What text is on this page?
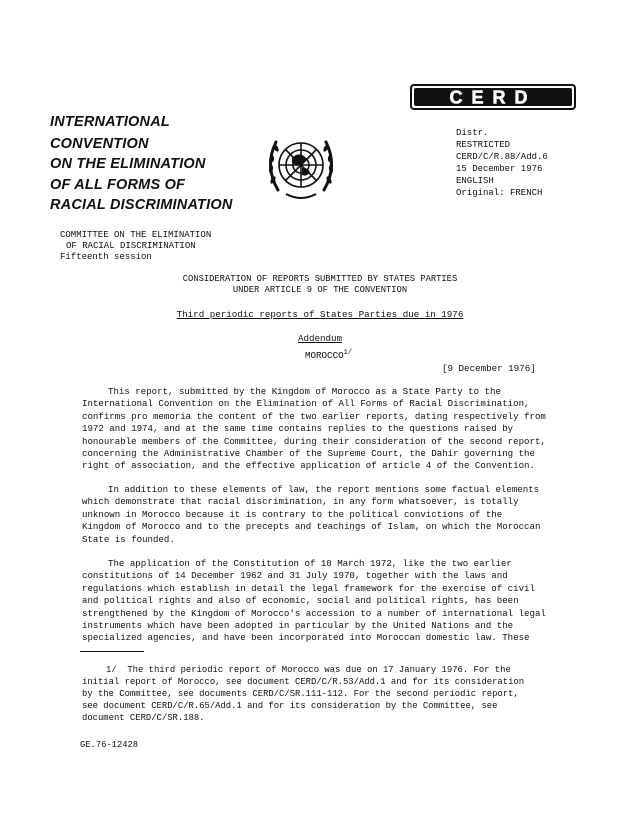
INTERNATIONAL
CONVENTION
ON THE ELIMINATION
OF ALL FORMS OF
RACIAL DISCRIMINATION
CERD
Distr.
RESTRICTED
CERD/C/R.88/Add.6
15 December 1976
ENGLISH
Original: FRENCH
COMMITTEE ON THE ELIMINATION
OF RACIAL DISCRIMINATION
Fifteenth session
CONSIDERATION OF REPORTS SUBMITTED BY STATES PARTIES
UNDER ARTICLE 9 OF THE CONVENTION
Third periodic reports of States Parties due in 1976
Addendum
$MOROCCO^{1/}$
[9 December 1976]
This report, submitted by the Kingdom of Morocco as a State Party to the
International Convention on the Elimination of All Forms of Racial Discrimination,
confirms pro memoria the content of the two earlier reports, dating respectively from
1972 and 1974, and at the same time contains replies to the questions raised by
honourable members of the Committee, during their consideration of the second report,
concerning the Administrative Chamber of the Supreme Court, the Dahir governing the
right of association, and the effective application of article 4 of the Convention.
In addition to these elements of law, the report mentions some factual elements
which demonstrate that racial discrimination, in any form whatsoever, is totally
unknown in Morocco because it is contrary to the political convictions of the
Kingdom of Morocco and to the precepts and teachings of Islam, on which the Moroccan
State is founded.
The application of the Constitution of 10 March 1972, like the two earlier
constitutions of 14 December 1962 and 31 July 1970, together with the laws and
regulations which establish in detail the legal framework for the exercise of civil
and political rights and also of economic, social and political rights, has been
strengthened by the Kingdom of Morocco's accession to a number of international legal
instruments which have been adopted in particular by the United Nations and the
specialized agencies, and have been incorporated into Moroccan domestic law. These
1/ The third periodic report of Morocco was due on 17 January 1976. For the
initial report of Morocco, see document CERD/C/R.53/Add.1 and for its consideration
by the Committee, see documents CERD/C/SR.111-112. For the second periodic report,
see document CERD/C/R.65/Add.1 and for its consideration by the Committee, see
document CERD/C/SR.188.
GE.76-12428
